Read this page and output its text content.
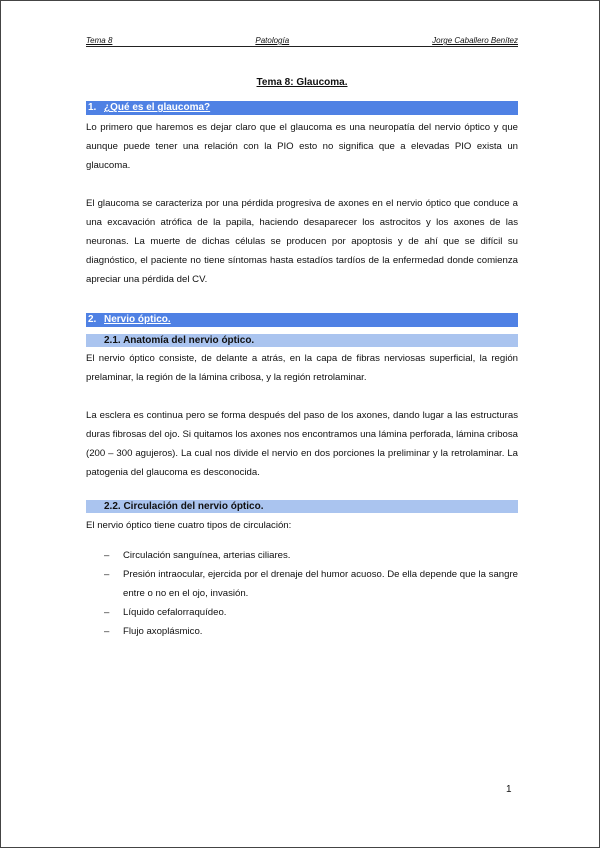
Tema 8	Patología	Jorge Caballero Benítez
Tema 8: Glaucoma.
1. ¿Qué es el glaucoma?

Lo primero que haremos es dejar claro que el glaucoma es una neuropatía del nervio óptico y que aunque puede tener una relación con la PIO esto no significa que a elevadas PIO exista un glaucoma.

El glaucoma se caracteriza por una pérdida progresiva de axones en el nervio óptico que conduce a una excavación atrófica de la papila, haciendo desaparecer los astrocitos y los axones de las neuronas. La muerte de dichas células se producen por apoptosis y de ahí que se difícil su diagnóstico, el paciente no tiene síntomas hasta estadíos tardíos de la enfermedad donde comienza apreciar una pérdida del CV.

2. Nervio óptico.
2.1. Anatomía del nervio óptico.

El nervio óptico consiste, de delante a atrás, en la capa de fibras nerviosas superficial, la región prelaminar, la región de la lámina cribosa, y la región retrolaminar.

La esclera es continua pero se forma después del paso de los axones, dando lugar a las estructuras duras fibrosas del ojo. Si quitamos los axones nos encontramos una lámina perforada, lámina cribosa (200 – 300 agujeros). La cual nos divide el nervio en dos porciones la preliminar y la retrolaminar. La patogenia del glaucoma es desconocida.

2.2. Circulación del nervio óptico.

El nervio óptico tiene cuatro tipos de circulación:

– Circulación sanguínea, arterias ciliares.
– Presión intraocular, ejercida por el drenaje del humor acuoso. De ella depende que la sangre entre o no en el ojo, invasión.
– Líquido cefalorraquídeo.
– Flujo axoplásmico.
1
